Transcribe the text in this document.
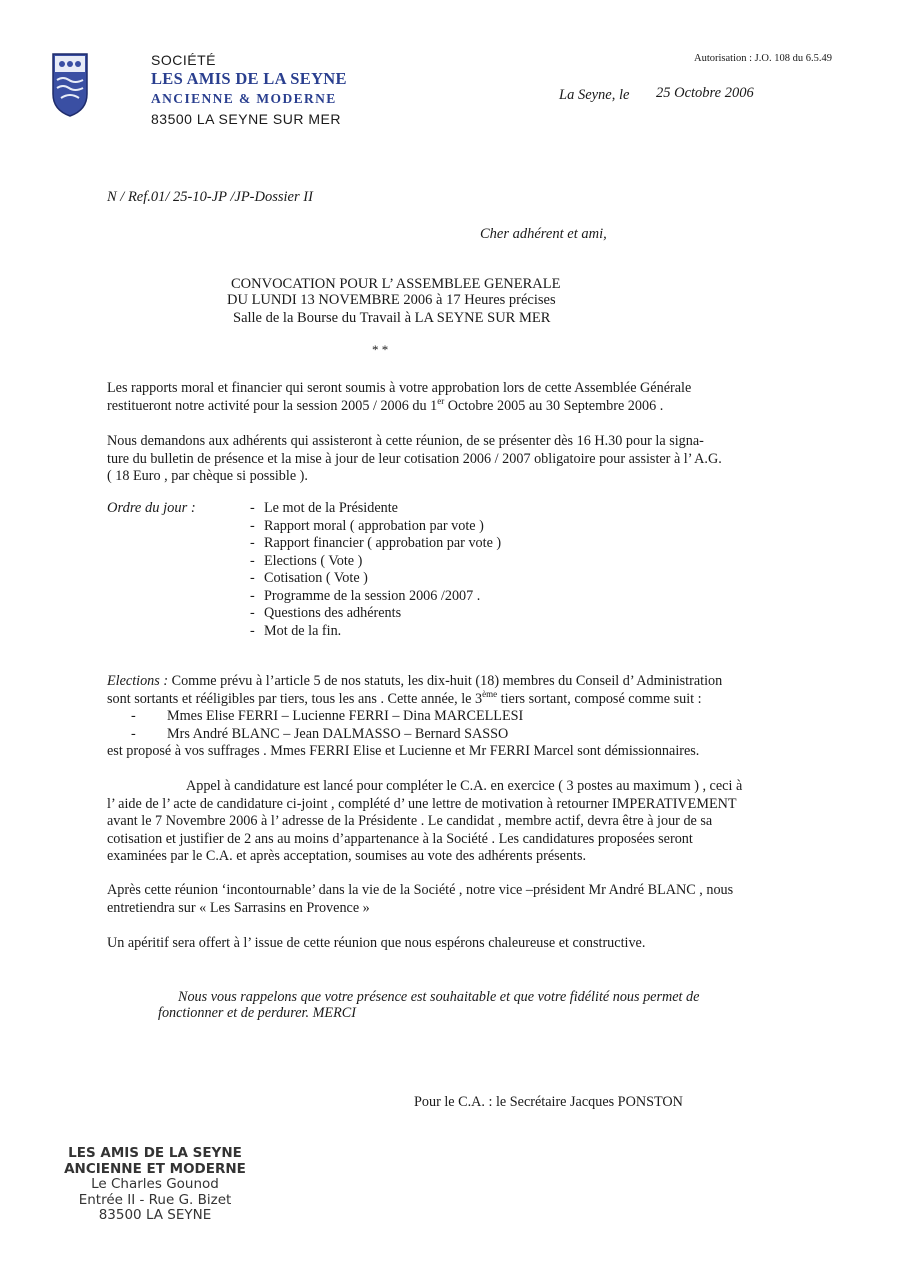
SOCIÉTÉ
LES AMIS DE LA SEYNE
ANCIENNE & MODERNE
83500 LA SEYNE SUR MER
Autorisation : J.O. 108 du 6.5.49
La Seyne, le 25 Octobre 2006
N / Ref.01/ 25-10-JP /JP-Dossier II
Cher adhérent et ami,
CONVOCATION POUR L’ ASSEMBLEE GENERALE
DU LUNDI 13 NOVEMBRE 2006 à 17 Heures précises
Salle de la Bourse du Travail à LA SEYNE SUR MER
* *
Les rapports moral et financier qui seront soumis à votre approbation lors de cette Assemblée Générale
restitueront notre activité pour la session 2005 / 2006 du 1er Octobre 2005 au 30 Septembre 2006 .
Nous demandons aux adhérents qui assisteront à cette réunion, de se présenter dès 16 H.30 pour la signa-
ture du bulletin de présence et la mise à jour de leur cotisation 2006 / 2007 obligatoire pour assister à l’ A.G.
( 18 Euro , par chèque si possible ).
Ordre du jour :	- Le mot de la Présidente
- Rapport moral ( approbation par vote )
- Rapport financier ( approbation par vote )
- Elections ( Vote )
- Cotisation ( Vote )
- Programme de la session 2006 /2007 .
- Questions des adhérents
- Mot de la fin.
Elections : Comme prévu à l’article 5 de nos statuts, les dix-huit (18) membres du Conseil d’ Administration
sont sortants et rééligibles par tiers, tous les ans . Cette année, le 3ème tiers sortant, composé comme suit :
- Mmes Elise FERRI – Lucienne FERRI – Dina MARCELLESI
- Mrs André BLANC – Jean DALMASSO – Bernard SASSO
est proposé à vos suffrages . Mmes FERRI Elise et Lucienne et Mr FERRI Marcel sont démissionnaires.
Appel à candidature est lancé pour compléter le C.A. en exercice ( 3 postes au maximum ) , ceci à
l’ aide de l’ acte de candidature ci-joint , complété d’ une lettre de motivation à retourner IMPERATIVEMENT
avant le 7 Novembre 2006 à l’ adresse de la Présidente . Le candidat , membre actif, devra être à jour de sa
cotisation et justifier de 2 ans au moins d’appartenance à la Société . Les candidatures proposées seront
examinées par le C.A. et après acceptation, soumises au vote des adhérents présents.
Après cette réunion ‘incontournable’ dans la vie de la Société , notre vice –président Mr André BLANC , nous
entretiendra sur « Les Sarrasins en Provence »
Un apéritif sera offert à l’ issue de cette réunion que nous espérons chaleureuse et constructive.
Nous vous rappelons que votre présence est souhaitable et que votre fidélité nous permet de
fonctionner et de perdurer. MERCI
Pour le C.A. : le Secrétaire Jacques PONSTON
LES AMIS DE LA SEYNE
ANCIENNE ET MODERNE
Le Charles Gounod
Entrée II - Rue G. Bizet
83500 LA SEYNE
